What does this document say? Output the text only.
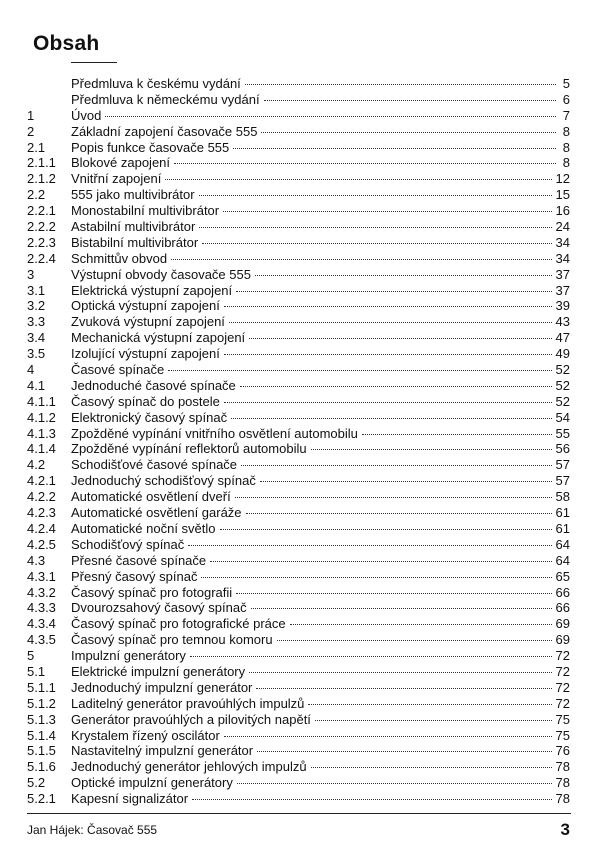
Obsah
Předmluva k českému vydání	5
Předmluva k německému vydání	6
1	Úvod	7
2	Základní zapojení časovače 555	8
2.1 Popis funkce časovače 555	8
2.1.1 Blokové zapojení	8
2.1.2 Vnitřní zapojení	12
2.2 555 jako multivibrátor	15
2.2.1 Monostabilní multivibrátor	16
2.2.2 Astabilní multivibrátor	24
2.2.3 Bistabilní multivibrátor	34
2.2.4 Schmittův obvod	34
3	Výstupní obvody časovače 555	37
3.1 Elektrická výstupní zapojení	37
3.2 Optická výstupní zapojení	39
3.3 Zvuková výstupní zapojení	43
3.4 Mechanická výstupní zapojení	47
3.5 Izolující výstupní zapojení	49
4	Časové spínače	52
4.1 Jednoduché časové spínače	52
4.1.1 Časový spínač do postele	52
4.1.2 Elektronický časový spínač	54
4.1.3 Zpožděné vypínání vnitřního osvětlení automobilu	55
4.1.4 Zpožděné vypínání reflektorů automobilu	56
4.2 Schodišťové časové spínače	57
4.2.1 Jednoduchý schodišťový spínač	57
4.2.2 Automatické osvětlení dveří	58
4.2.3 Automatické osvětlení garáže	61
4.2.4 Automatické noční světlo	61
4.2.5 Schodišťový spínač	64
4.3 Přesné časové spínače	64
4.3.1 Přesný časový spínač	65
4.3.2 Časový spínač pro fotografii	66
4.3.3 Dvourozsahový časový spínač	66
4.3.4 Časový spínač pro fotografické práce	69
4.3.5 Časový spínač pro temnou komoru	69
5	Impulzní generátory	72
5.1 Elektrické impulzní generátory	72
5.1.1 Jednoduchý impulzní generátor	72
5.1.2 Laditelný generátor pravoúhlých impulzů	72
5.1.3 Generátor pravoúhlých a pilovitých napětí	75
5.1.4 Krystalem řízený oscilátor	75
5.1.5 Nastavitelný impulzní generátor	76
5.1.6 Jednoduchý generátor jehlových impulzů	78
5.2 Optické impulzní generátory	78
5.2.1 Kapesní signalizátor	78
Jan Hájek: Časovač 555	3
